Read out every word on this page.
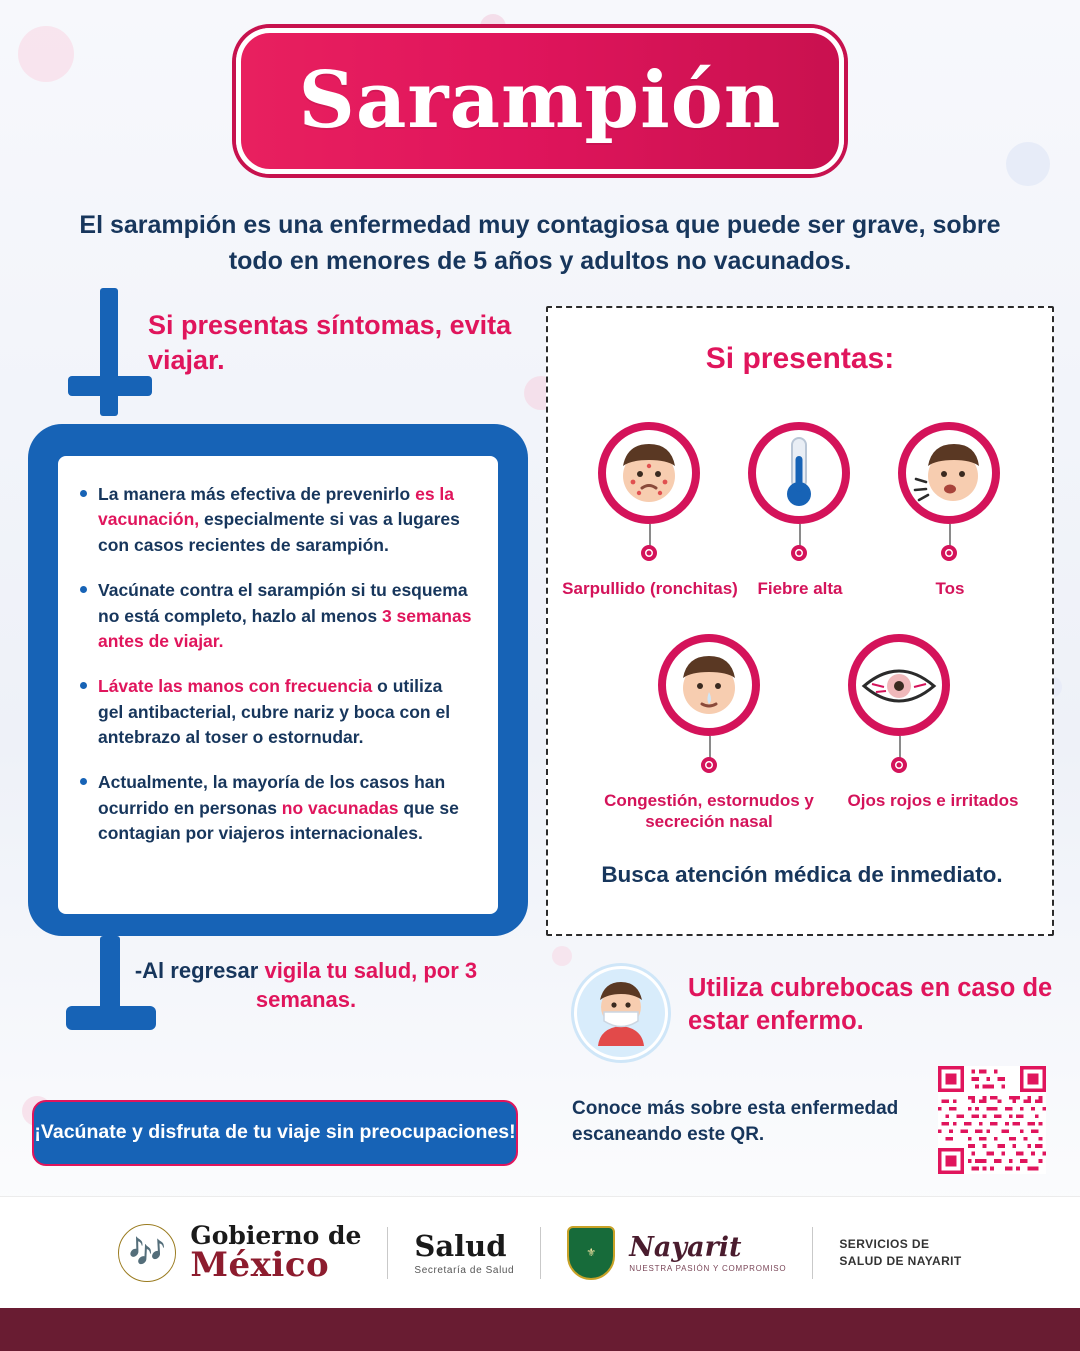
Sarampión
El sarampión es una enfermedad muy contagiosa que puede ser grave, sobre todo en menores de 5 años y adultos no vacunados.
Si presentas síntomas, evita viajar.
La manera más efectiva de prevenirlo es la vacunación, especialmente si vas a lugares con casos recientes de sarampión.
Vacúnate contra el sarampión si tu esquema no está completo, hazlo al menos 3 semanas antes de viajar.
Lávate las manos con frecuencia o utiliza gel antibacterial, cubre nariz y boca con el antebrazo al toser o estornudar.
Actualmente, la mayoría de los casos han ocurrido en personas no vacunadas que se contagian por viajeros internacionales.
-Al regresar vigila tu salud, por 3 semanas.
¡Vacúnate y disfruta de tu viaje sin preocupaciones!
Si presentas:
Sarpullido (ronchitas)	Fiebre alta	Tos
Congestión, estornudos y secreción nasal
Ojos rojos e irritados
Busca atención médica de inmediato.
Utiliza cubrebocas en caso de estar enfermo.
Conoce más sobre esta enfermedad escaneando este QR.
🎶
Gobierno de
México	Salud
Secretaría de Salud
⚜	Nayarit
NUESTRA PASIÓN Y COMPROMISO
SERVICIOS DE
SALUD DE NAYARIT
